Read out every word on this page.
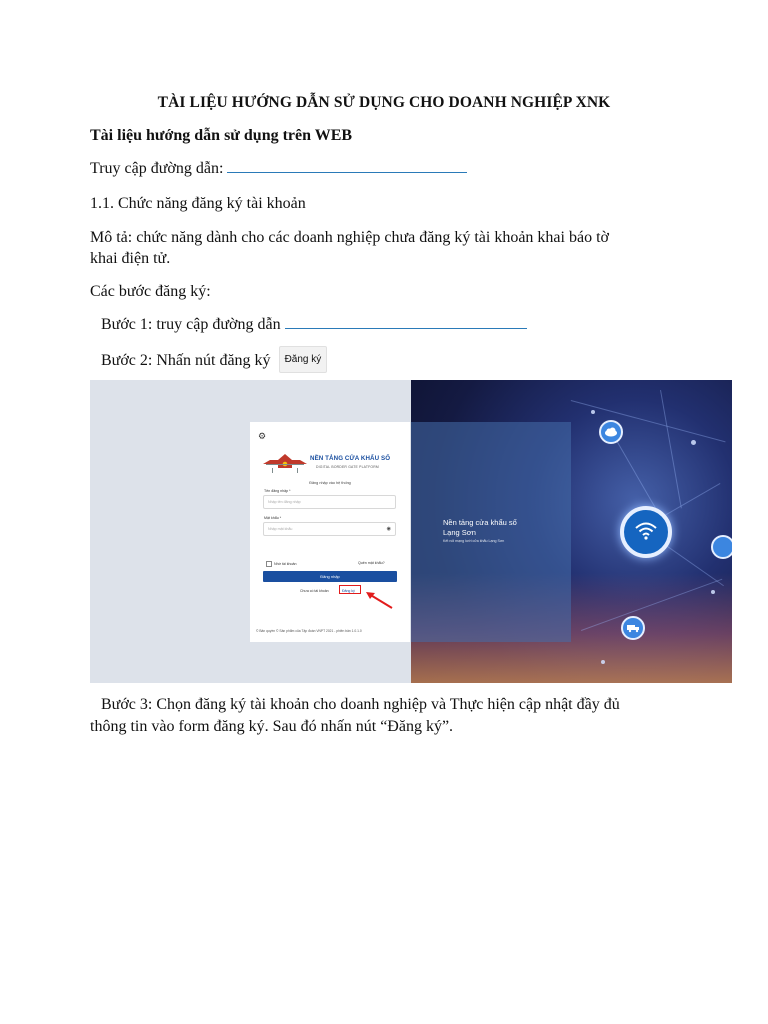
TÀI LIỆU HƯỚNG DẪN SỬ DỤNG CHO DOANH NGHIỆP XNK
Tài liệu hướng dẫn sử dụng trên WEB
Truy cập đường dẫn:
1.1. Chức năng đăng ký tài khoản
Mô tả: chức năng dành cho các doanh nghiệp chưa đăng ký tài khoản khai báo tờ
khai điện tử.
Các bước đăng ký:
Bước 1: truy cập đường dẫn
Bước 2: Nhấn nút đăng ký Đăng ký
Nền tảng cửa khẩu số
Lạng Sơn
Kết nối mạng lưới cửa khẩu Lạng Sơn
⚙
NỀN TẢNG CỬA KHẨU SỐ
DIGITAL BORDER GATE PLATFORM
Đăng nhập vào hệ thống
Tên đăng nhập *
Nhập tên đăng nhập
Mật khẩu *
Nhập mật khẩu	◉
Nhớ tài khoản	Quên mật khẩu?
Đăng nhập
Chưa có tài khoản	Đăng ký
© Bản quyền © Sản phẩm của Tập đoàn VNPT 2021 - phiên bản 1.0.1.0
Bước 3: Chọn đăng ký tài khoản cho doanh nghiệp và Thực hiện cập nhật đầy đủ
thông tin vào form đăng ký. Sau đó nhấn nút “Đăng ký”.
